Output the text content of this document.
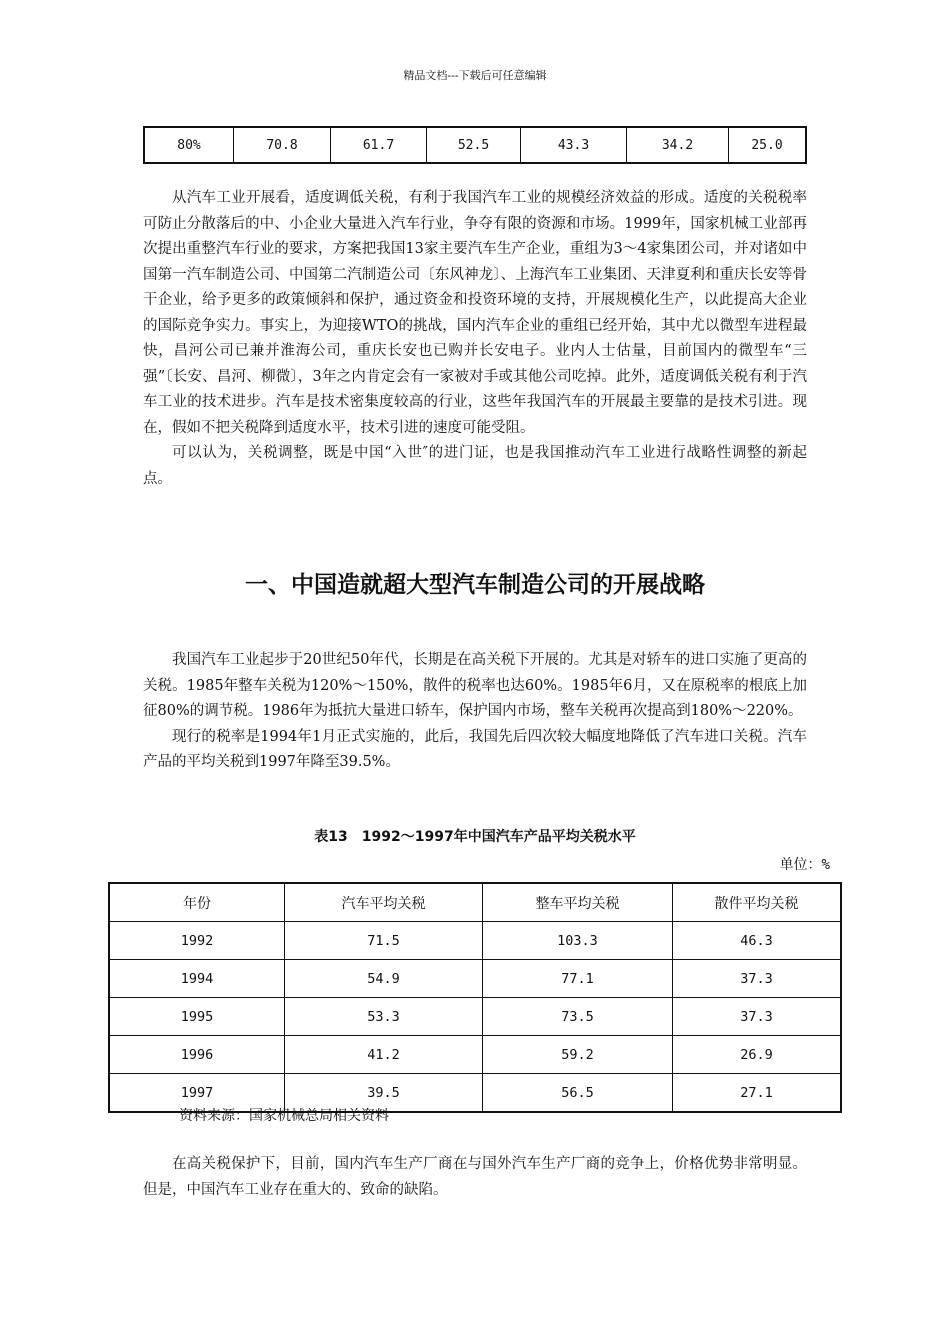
精品文档---下载后可任意编辑
80%	70.8	61.7	52.5	43.3	34.2	25.0

从汽车工业开展看，适度调低关税，有利于我国汽车工业的规模经济效益的形成。适度的关税税率可防止分散落后的中、小企业大量进入汽车行业，争夺有限的资源和市场。1999年，国家机械工业部再次提出重整汽车行业的要求，方案把我国13家主要汽车生产企业，重组为3～4家集团公司，并对诸如中国第一汽车制造公司、中国第二汽制造公司〔东风神龙〕、上海汽车工业集团、天津夏利和重庆长安等骨干企业，给予更多的政策倾斜和保护，通过资金和投资环境的支持，开展规模化生产，以此提高大企业的国际竞争实力。事实上，为迎接WTO的挑战，国内汽车企业的重组已经开始，其中尤以微型车进程最快，昌河公司已兼并淮海公司，重庆长安也已购并长安电子。业内人士估量，目前国内的微型车“三强”〔长安、昌河、柳微〕，3年之内肯定会有一家被对手或其他公司吃掉。此外，适度调低关税有利于汽车工业的技术进步。汽车是技术密集度较高的行业，这些年我国汽车的开展最主要靠的是技术引进。现在，假如不把关税降到适度水平，技术引进的速度可能受阻。

可以认为，关税调整，既是中国“入世″的进门证，也是我国推动汽车工业进行战略性调整的新起点。

一、中国造就超大型汽车制造公司的开展战略

我国汽车工业起步于20世纪50年代，长期是在高关税下开展的。尤其是对轿车的进口实施了更高的关税。1985年整车关税为120%～150%，散件的税率也达60%。1985年6月，又在原税率的根底上加征80%的调节税。1986年为抵抗大量进口轿车，保护国内市场，整车关税再次提高到180%～220%。

现行的税率是1994年1月正式实施的，此后，我国先后四次较大幅度地降低了汽车进口关税。汽车产品的平均关税到1997年降至39.5%。

表13　1992～1997年中国汽车产品平均关税水平
单位：%
年份	汽车平均关税	整车平均关税	散件平均关税
1992	71.5	103.3	46.3
1994	54.9	77.1	37.3
1995	53.3	73.5	37.3
1996	41.2	59.2	26.9
1997	39.5	56.5	27.1
资料来源：国家机械总局相关资料

在高关税保护下，目前，国内汽车生产厂商在与国外汽车生产厂商的竞争上，价格优势非常明显。但是，中国汽车工业存在重大的、致命的缺陷。
